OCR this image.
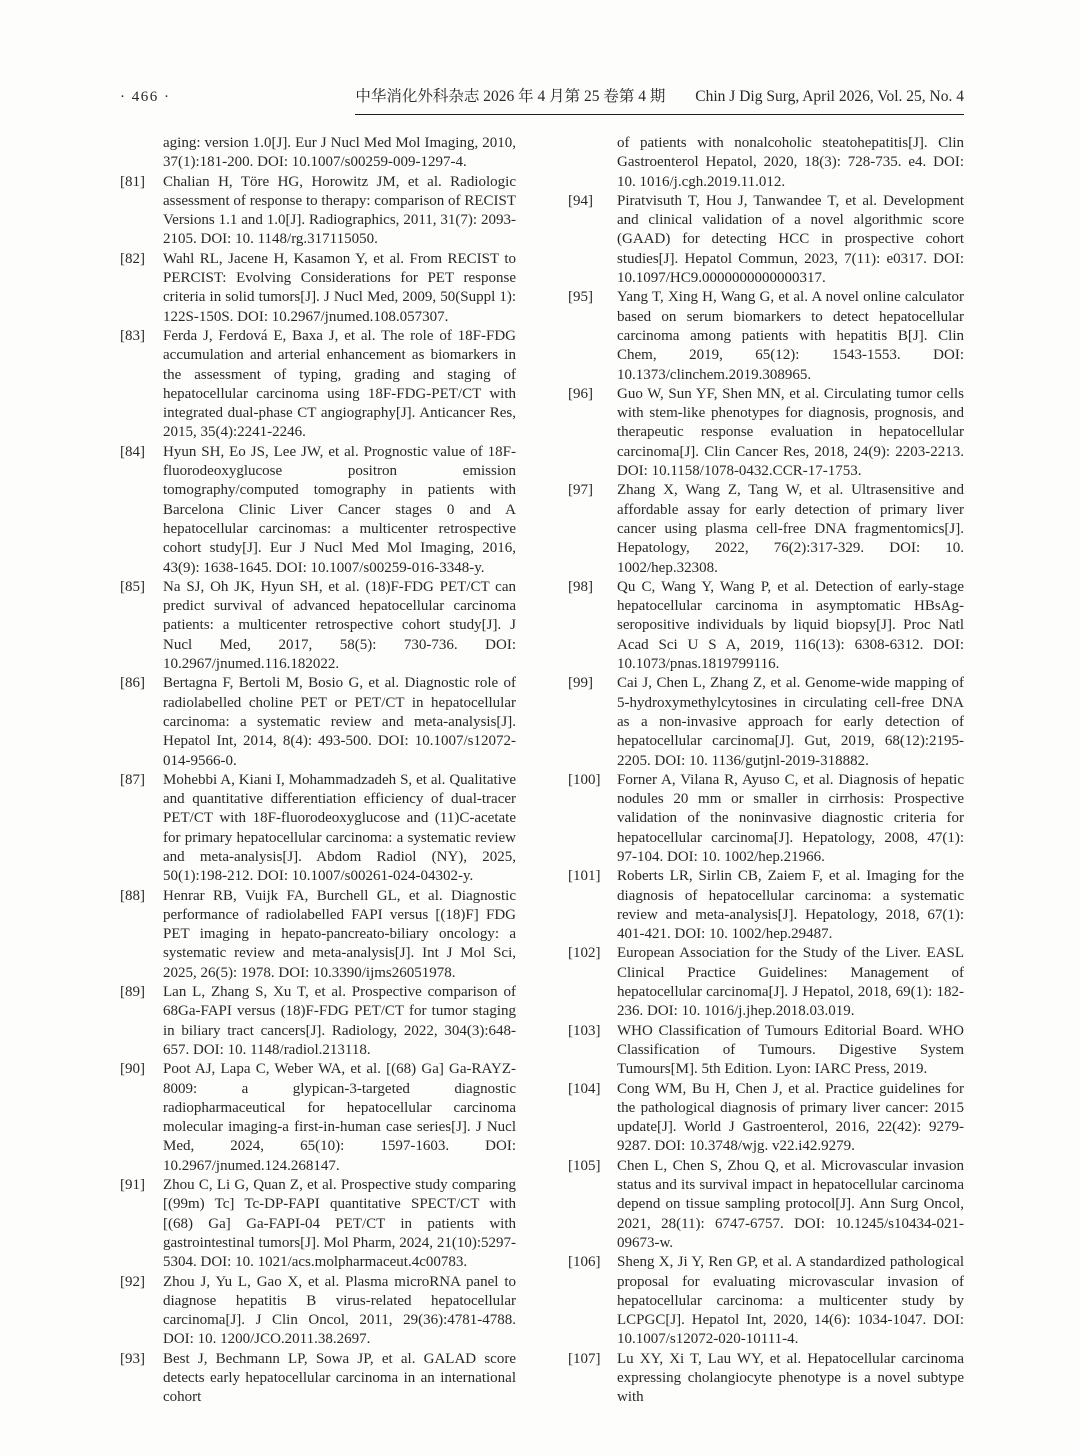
· 466 ·	中华消化外科杂志 2026 年 4 月第 25 卷第 4 期 Chin J Dig Surg, April 2026, Vol. 25, No. 4
aging: version 1.0[J]. Eur J Nucl Med Mol Imaging, 2010, 37(1):181-200. DOI: 10.1007/s00259-009-1297-4.
[81]	Chalian H, Töre HG, Horowitz JM, et al. Radiologic assessment of response to therapy: comparison of RECIST Versions 1.1 and 1.0[J]. Radiographics, 2011, 31(7): 2093-2105. DOI: 10. 1148/rg.317115050.
[82]	Wahl RL, Jacene H, Kasamon Y, et al. From RECIST to PERCIST: Evolving Considerations for PET response criteria in solid tumors[J]. J Nucl Med, 2009, 50(Suppl 1): 122S-150S. DOI: 10.2967/jnumed.108.057307.
[83]	Ferda J, Ferdová E, Baxa J, et al. The role of 18F-FDG accumulation and arterial enhancement as biomarkers in the assessment of typing, grading and staging of hepatocellular carcinoma using 18F-FDG-PET/CT with integrated dual-phase CT angiography[J]. Anticancer Res, 2015, 35(4):2241-2246.
[84]	Hyun SH, Eo JS, Lee JW, et al. Prognostic value of 18F-fluorodeoxyglucose positron emission tomography/computed tomography in patients with Barcelona Clinic Liver Cancer stages 0 and A hepatocellular carcinomas: a multicenter retrospective cohort study[J]. Eur J Nucl Med Mol Imaging, 2016, 43(9): 1638-1645. DOI: 10.1007/s00259-016-3348-y.
[85]	Na SJ, Oh JK, Hyun SH, et al. (18)F-FDG PET/CT can predict survival of advanced hepatocellular carcinoma patients: a multicenter retrospective cohort study[J]. J Nucl Med, 2017, 58(5): 730-736. DOI: 10.2967/jnumed.116.182022.
[86]	Bertagna F, Bertoli M, Bosio G, et al. Diagnostic role of radiolabelled choline PET or PET/CT in hepatocellular carcinoma: a systematic review and meta-analysis[J]. Hepatol Int, 2014, 8(4): 493-500. DOI: 10.1007/s12072-014-9566-0.
[87]	Mohebbi A, Kiani I, Mohammadzadeh S, et al. Qualitative and quantitative differentiation efficiency of dual-tracer PET/CT with 18F-fluorodeoxyglucose and (11)C-acetate for primary hepatocellular carcinoma: a systematic review and meta-analysis[J]. Abdom Radiol (NY), 2025, 50(1):198-212. DOI: 10.1007/s00261-024-04302-y.
[88]	Henrar RB, Vuijk FA, Burchell GL, et al. Diagnostic performance of radiolabelled FAPI versus [(18)F] FDG PET imaging in hepato-pancreato-biliary oncology: a systematic review and meta-analysis[J]. Int J Mol Sci, 2025, 26(5): 1978. DOI: 10.3390/ijms26051978.
[89]	Lan L, Zhang S, Xu T, et al. Prospective comparison of 68Ga-FAPI versus (18)F-FDG PET/CT for tumor staging in biliary tract cancers[J]. Radiology, 2022, 304(3):648-657. DOI: 10. 1148/radiol.213118.
[90]	Poot AJ, Lapa C, Weber WA, et al. [(68) Ga] Ga-RAYZ-8009: a glypican-3-targeted diagnostic radiopharmaceutical for hepatocellular carcinoma molecular imaging-a first-in-human case series[J]. J Nucl Med, 2024, 65(10): 1597-1603. DOI: 10.2967/jnumed.124.268147.
[91]	Zhou C, Li G, Quan Z, et al. Prospective study comparing [(99m) Tc] Tc-DP-FAPI quantitative SPECT/CT with [(68) Ga] Ga-FAPI-04 PET/CT in patients with gastrointestinal tumors[J]. Mol Pharm, 2024, 21(10):5297-5304. DOI: 10. 1021/acs.molpharmaceut.4c00783.
[92]	Zhou J, Yu L, Gao X, et al. Plasma microRNA panel to diagnose hepatitis B virus-related hepatocellular carcinoma[J]. J Clin Oncol, 2011, 29(36):4781-4788. DOI: 10. 1200/JCO.2011.38.2697.
[93]	Best J, Bechmann LP, Sowa JP, et al. GALAD score detects early hepatocellular carcinoma in an international cohort
of patients with nonalcoholic steatohepatitis[J]. Clin Gastroenterol Hepatol, 2020, 18(3): 728-735. e4. DOI: 10. 1016/j.cgh.2019.11.012.
[94]	Piratvisuth T, Hou J, Tanwandee T, et al. Development and clinical validation of a novel algorithmic score (GAAD) for detecting HCC in prospective cohort studies[J]. Hepatol Commun, 2023, 7(11): e0317. DOI: 10.1097/HC9.0000000000000317.
[95]	Yang T, Xing H, Wang G, et al. A novel online calculator based on serum biomarkers to detect hepatocellular carcinoma among patients with hepatitis B[J]. Clin Chem, 2019, 65(12): 1543-1553. DOI: 10.1373/clinchem.2019.308965.
[96]	Guo W, Sun YF, Shen MN, et al. Circulating tumor cells with stem-like phenotypes for diagnosis, prognosis, and therapeutic response evaluation in hepatocellular carcinoma[J]. Clin Cancer Res, 2018, 24(9): 2203-2213. DOI: 10.1158/1078-0432.CCR-17-1753.
[97]	Zhang X, Wang Z, Tang W, et al. Ultrasensitive and affordable assay for early detection of primary liver cancer using plasma cell-free DNA fragmentomics[J]. Hepatology, 2022, 76(2):317-329. DOI: 10. 1002/hep.32308.
[98]	Qu C, Wang Y, Wang P, et al. Detection of early-stage hepatocellular carcinoma in asymptomatic HBsAg-seropositive individuals by liquid biopsy[J]. Proc Natl Acad Sci U S A, 2019, 116(13): 6308-6312. DOI: 10.1073/pnas.1819799116.
[99]	Cai J, Chen L, Zhang Z, et al. Genome-wide mapping of 5-hydroxymethylcytosines in circulating cell-free DNA as a non-invasive approach for early detection of hepatocellular carcinoma[J]. Gut, 2019, 68(12):2195-2205. DOI: 10. 1136/gutjnl-2019-318882.
[100]	Forner A, Vilana R, Ayuso C, et al. Diagnosis of hepatic nodules 20 mm or smaller in cirrhosis: Prospective validation of the noninvasive diagnostic criteria for hepatocellular carcinoma[J]. Hepatology, 2008, 47(1): 97-104. DOI: 10. 1002/hep.21966.
[101]	Roberts LR, Sirlin CB, Zaiem F, et al. Imaging for the diagnosis of hepatocellular carcinoma: a systematic review and meta-analysis[J]. Hepatology, 2018, 67(1): 401-421. DOI: 10. 1002/hep.29487.
[102]	European Association for the Study of the Liver. EASL Clinical Practice Guidelines: Management of hepatocellular carcinoma[J]. J Hepatol, 2018, 69(1): 182-236. DOI: 10. 1016/j.jhep.2018.03.019.
[103]	WHO Classification of Tumours Editorial Board. WHO Classification of Tumours. Digestive System Tumours[M]. 5th Edition. Lyon: IARC Press, 2019.
[104]	Cong WM, Bu H, Chen J, et al. Practice guidelines for the pathological diagnosis of primary liver cancer: 2015 update[J]. World J Gastroenterol, 2016, 22(42): 9279-9287. DOI: 10.3748/wjg. v22.i42.9279.
[105]	Chen L, Chen S, Zhou Q, et al. Microvascular invasion status and its survival impact in hepatocellular carcinoma depend on tissue sampling protocol[J]. Ann Surg Oncol, 2021, 28(11): 6747-6757. DOI: 10.1245/s10434-021-09673-w.
[106]	Sheng X, Ji Y, Ren GP, et al. A standardized pathological proposal for evaluating microvascular invasion of hepatocellular carcinoma: a multicenter study by LCPGC[J]. Hepatol Int, 2020, 14(6): 1034-1047. DOI: 10.1007/s12072-020-10111-4.
[107]	Lu XY, Xi T, Lau WY, et al. Hepatocellular carcinoma expressing cholangiocyte phenotype is a novel subtype with
